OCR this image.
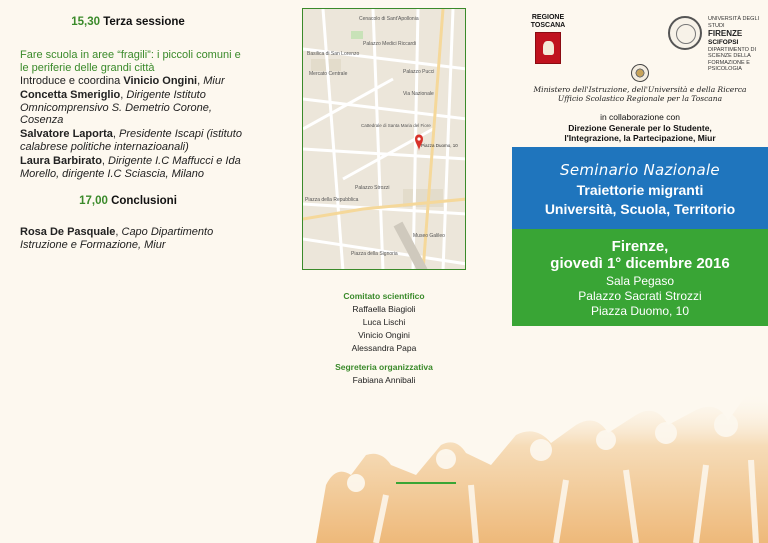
15,30 Terza sessione
Fare scuola in aree “fragili”: i piccoli comuni e le periferie delle grandi città
Introduce e coordina Vinicio Ongini, Miur
Concetta Smeriglio, Dirigente Istituto Omnicomprensivo S. Demetrio Corone, Cosenza
Salvatore Laporta, Presidente Iscapi (istituto calabrese politiche internazioanali)
Laura Barbirato, Dirigente I.C Maffucci e Ida Morello, dirigente I.C Sciascia, Milano
17,00 Conclusioni
Rosa De Pasquale, Capo Dipartimento Istruzione e Formazione, Miur
Cenacolo di Sant'Apollonia
Basilica di San Lorenzo
Palazzo Medici Riccardi
Palazzo Pucci
Mercato Centrale
Piazza Duomo, 10
Cattedrale di Santa Maria del Fiore
Palazzo Strozzi
Piazza della Signoria
Museo Galileo
Via Nazionale
Piazza della Repubblica
Comitato scientifico
Raffaella Biagioli
Luca Lischi
Vinicio Ongini
Alessandra Papa
Segreteria organizzativa
Fabiana Annibali
REGIONE TOSCANA
UNIVERSITÀ DEGLI STUDI
FIRENZE
SCIFOPSI
DIPARTIMENTO DI SCIENZE DELLA FORMAZIONE E PSICOLOGIA
Ministero dell'Istruzione, dell'Università e della Ricerca
Ufficio Scolastico Regionale per la Toscana
in collaborazione con
Direzione Generale per lo Studente,
l'Integrazione, la Partecipazione, Miur
Seminario Nazionale
Traiettorie migranti
Università, Scuola, Territorio
Firenze,
giovedì 1° dicembre 2016
Sala Pegaso
Palazzo Sacrati Strozzi
Piazza Duomo, 10
